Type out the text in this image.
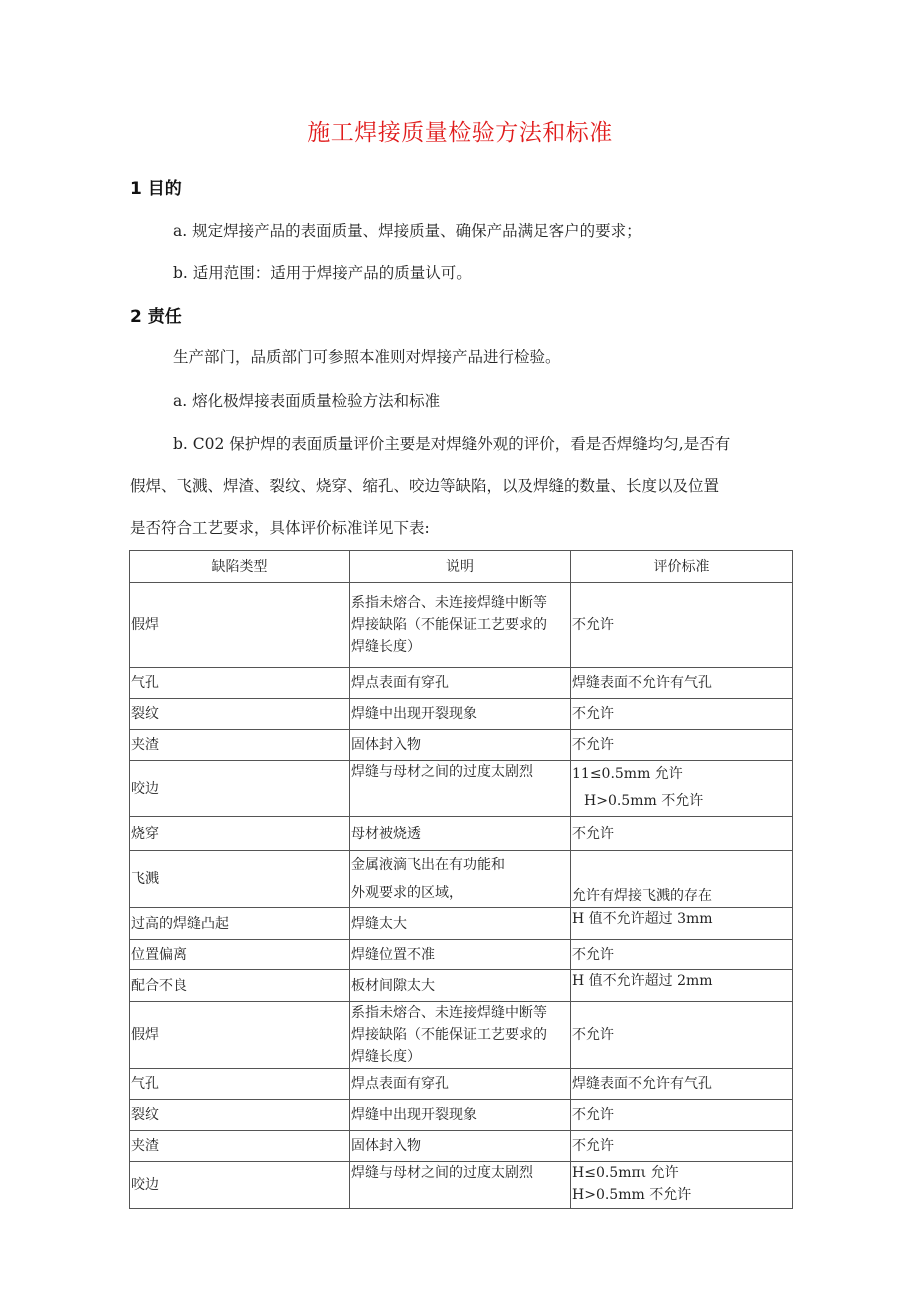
施工焊接质量检验方法和标准
1 目的
a. 规定焊接产品的表面质量、焊接质量、确保产品满足客户的要求；
b. 适用范围：适用于焊接产品的质量认可。
2 责任
生产部门，品质部门可参照本准则对焊接产品进行检验。
a. 熔化极焊接表面质量检验方法和标准
b. C02 保护焊的表面质量评价主要是对焊缝外观的评价，看是否焊缝均匀,是否有
假焊、飞溅、焊渣、裂纹、烧穿、缩孔、咬边等缺陷，以及焊缝的数量、长度以及位置
是否符合工艺要求，具体评价标准详见下表:
缺陷类型	说明	评价标准
假焊	系指未熔合、未连接焊缝中断等
焊接缺陷（不能保证工艺要求的
焊缝长度）	不允许

气孔	焊点表面有穿孔	焊缝表面不允许有气孔

裂纹	焊缝中出现开裂现象	不允许

夹渣	固体封入物	不允许

咬边	焊缝与母材之间的过度太剧烈	11≤0.5mm 允许
H>0.5mm 不允许

烧穿	母材被烧透	不允许

飞溅	金属液滴飞出在有功能和
外观要求的区域，	允许有焊接飞溅的存在

过高的焊缝凸起	焊缝太大	H 值不允许超过 3mm

位置偏离	焊缝位置不准	不允许

配合不良	板材间隙太大	H 值不允许超过 2mm

假焊	系指未熔合、未连接焊缝中断等
焊接缺陷（不能保证工艺要求的
焊缝长度）	不允许

气孔	焊点表面有穿孔	焊缝表面不允许有气孔

裂纹	焊缝中出现开裂现象	不允许

夹渣	固体封入物	不允许

咬边	焊缝与母材之间的过度太剧烈	H≤0.5mπι 允许
H>0.5mm 不允许
